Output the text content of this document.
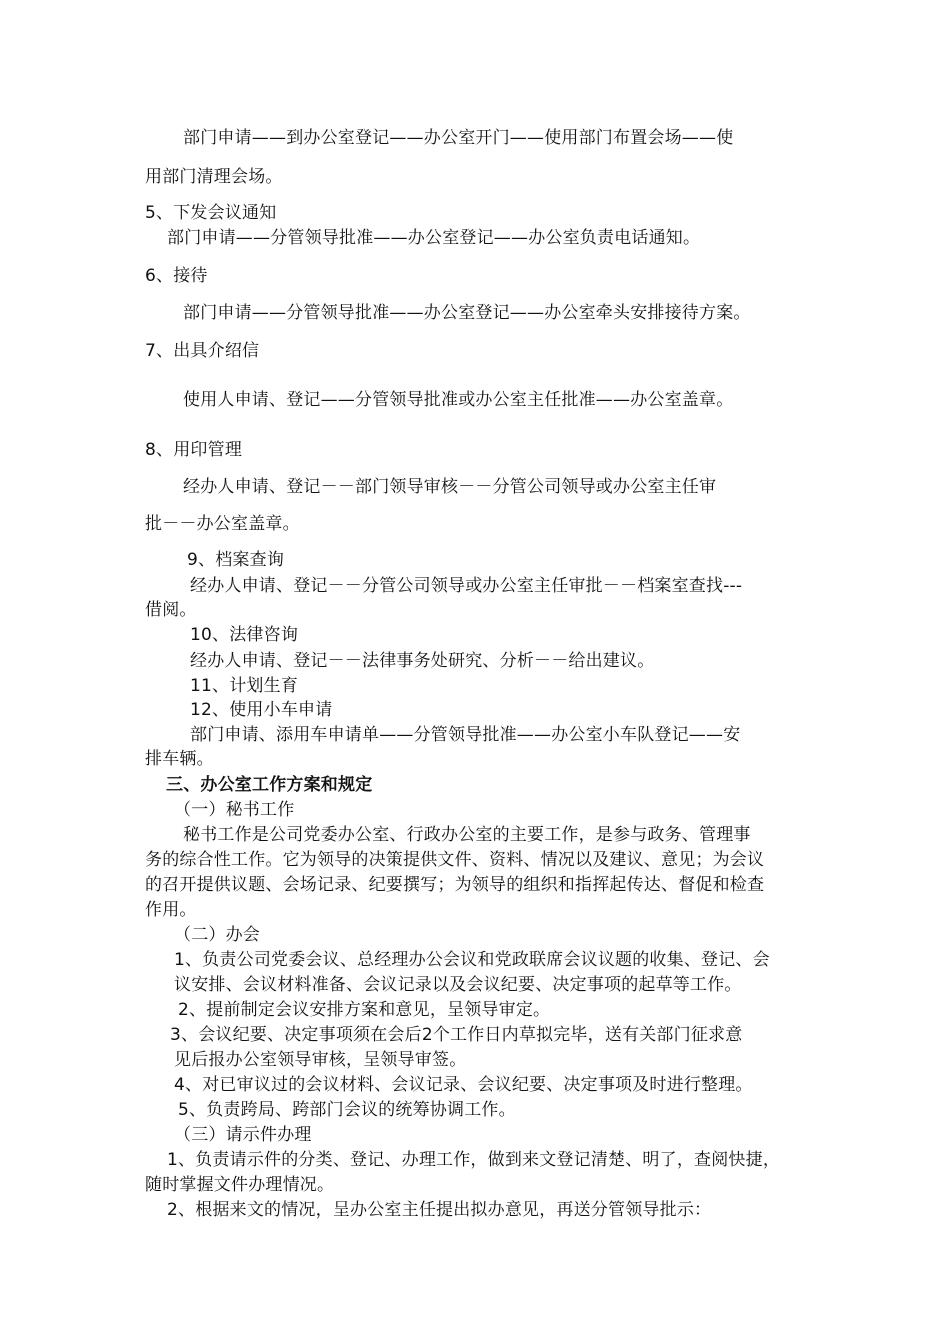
部门申请——到办公室登记——办公室开门——使用部门布置会场——使
用部门清理会场。
5、下发会议通知
部门申请——分管领导批准——办公室登记——办公室负责电话通知。
6、接待
部门申请——分管领导批准——办公室登记——办公室牵头安排接待方案。
7、出具介绍信
使用人申请、登记——分管领导批准或办公室主任批准——办公室盖章。
8、用印管理
经办人申请、登记－－部门领导审核－－分管公司领导或办公室主任审
批－－办公室盖章。
9、档案查询
经办人申请、登记－－分管公司领导或办公室主任审批－－档案室查找---
借阅。
10、法律咨询
经办人申请、登记－－法律事务处研究、分析－－给出建议。
11、计划生育
12、使用小车申请
部门申请、添用车申请单——分管领导批准——办公室小车队登记——安
排车辆。
三、办公室工作方案和规定
（一）秘书工作
秘书工作是公司党委办公室、行政办公室的主要工作，是参与政务、管理事
务的综合性工作。它为领导的决策提供文件、资料、情况以及建议、意见；为会议
的召开提供议题、会场记录、纪要撰写；为领导的组织和指挥起传达、督促和检查
作用。
（二）办会
1、负责公司党委会议、总经理办公会议和党政联席会议议题的收集、登记、会
议安排、会议材料准备、会议记录以及会议纪要、决定事项的起草等工作。
2、提前制定会议安排方案和意见，呈领导审定。
3、会议纪要、决定事项须在会后2个工作日内草拟完毕，送有关部门征求意
见后报办公室领导审核，呈领导审签。
4、对已审议过的会议材料、会议记录、会议纪要、决定事项及时进行整理。
5、负责跨局、跨部门会议的统筹协调工作。
（三）请示件办理
1、负责请示件的分类、登记、办理工作，做到来文登记清楚、明了，查阅快捷，
随时掌握文件办理情况。
2、根据来文的情况，呈办公室主任提出拟办意见，再送分管领导批示：
